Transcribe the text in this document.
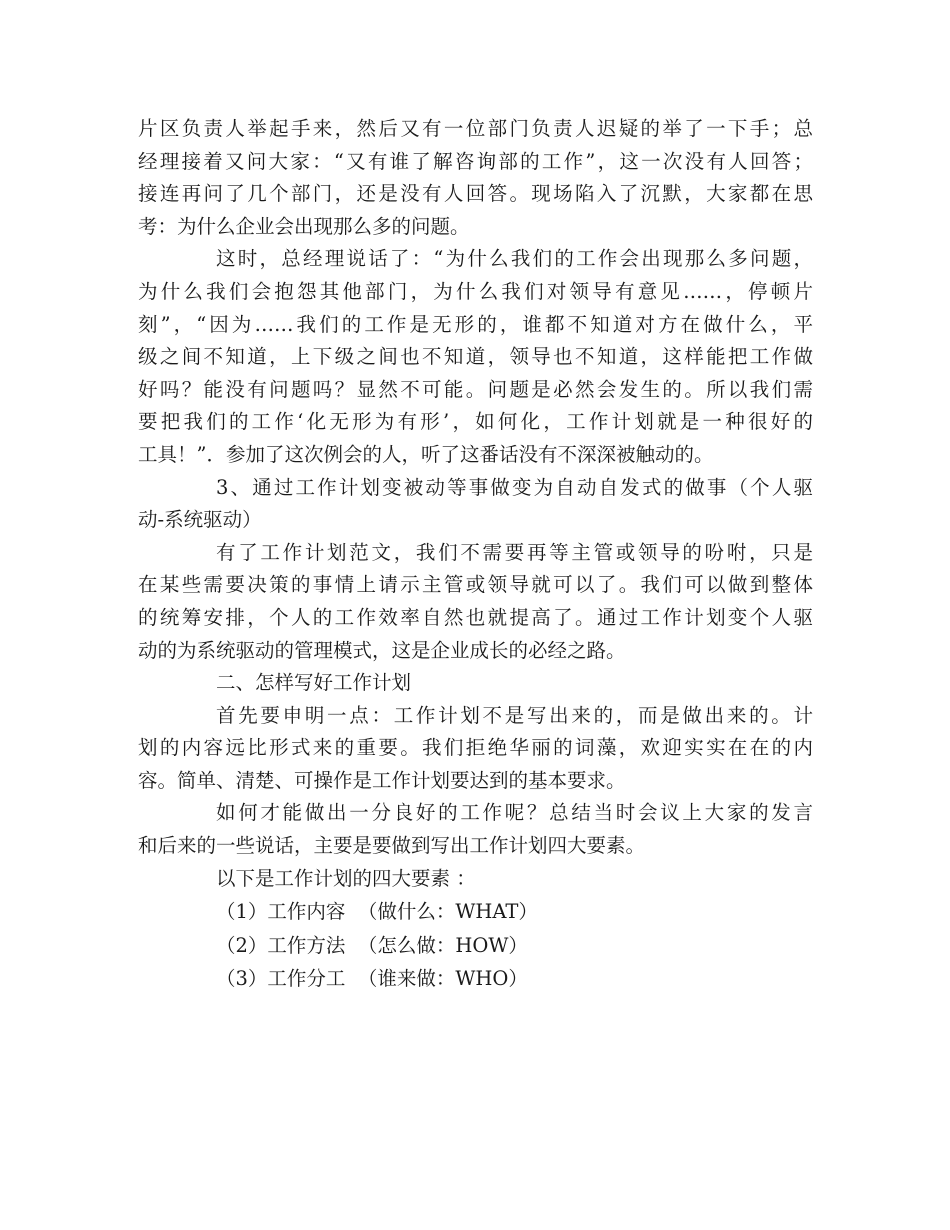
片区负责人举起手来，然后又有一位部门负责人迟疑的举了一下手；总
经理接着又问大家：“又有谁了解咨询部的工作”，这一次没有人回答；
接连再问了几个部门，还是没有人回答。现场陷入了沉默，大家都在思
考：为什么企业会出现那么多的问题。
这时，总经理说话了：“为什么我们的工作会出现那么多问题，
为什么我们会抱怨其他部门，为什么我们对领导有意见……，停顿片
刻”，“因为……我们的工作是无形的，谁都不知道对方在做什么，平
级之间不知道，上下级之间也不知道，领导也不知道，这样能把工作做
好吗？能没有问题吗？显然不可能。问题是必然会发生的。所以我们需
要把我们的工作‘化无形为有形’，如何化，工作计划就是一种很好的
工具！”．参加了这次例会的人，听了这番话没有不深深被触动的。
3、通过工作计划变被动等事做变为自动自发式的做事（个人驱
动-系统驱动）
有了工作计划范文，我们不需要再等主管或领导的吩咐，只是
在某些需要决策的事情上请示主管或领导就可以了。我们可以做到整体
的统筹安排，个人的工作效率自然也就提高了。通过工作计划变个人驱
动的为系统驱动的管理模式，这是企业成长的必经之路。
二、怎样写好工作计划
首先要申明一点：工作计划不是写出来的，而是做出来的。计
划的内容远比形式来的重要。我们拒绝华丽的词藻，欢迎实实在在的内
容。简单、清楚、可操作是工作计划要达到的基本要求。
如何才能做出一分良好的工作呢？总结当时会议上大家的发言
和后来的一些说话，主要是要做到写出工作计划四大要素。
以下是工作计划的四大要素 ：
（1）工作内容 （做什么：WHAT）
（2）工作方法 （怎么做：HOW）
（3）工作分工 （谁来做：WHO）
